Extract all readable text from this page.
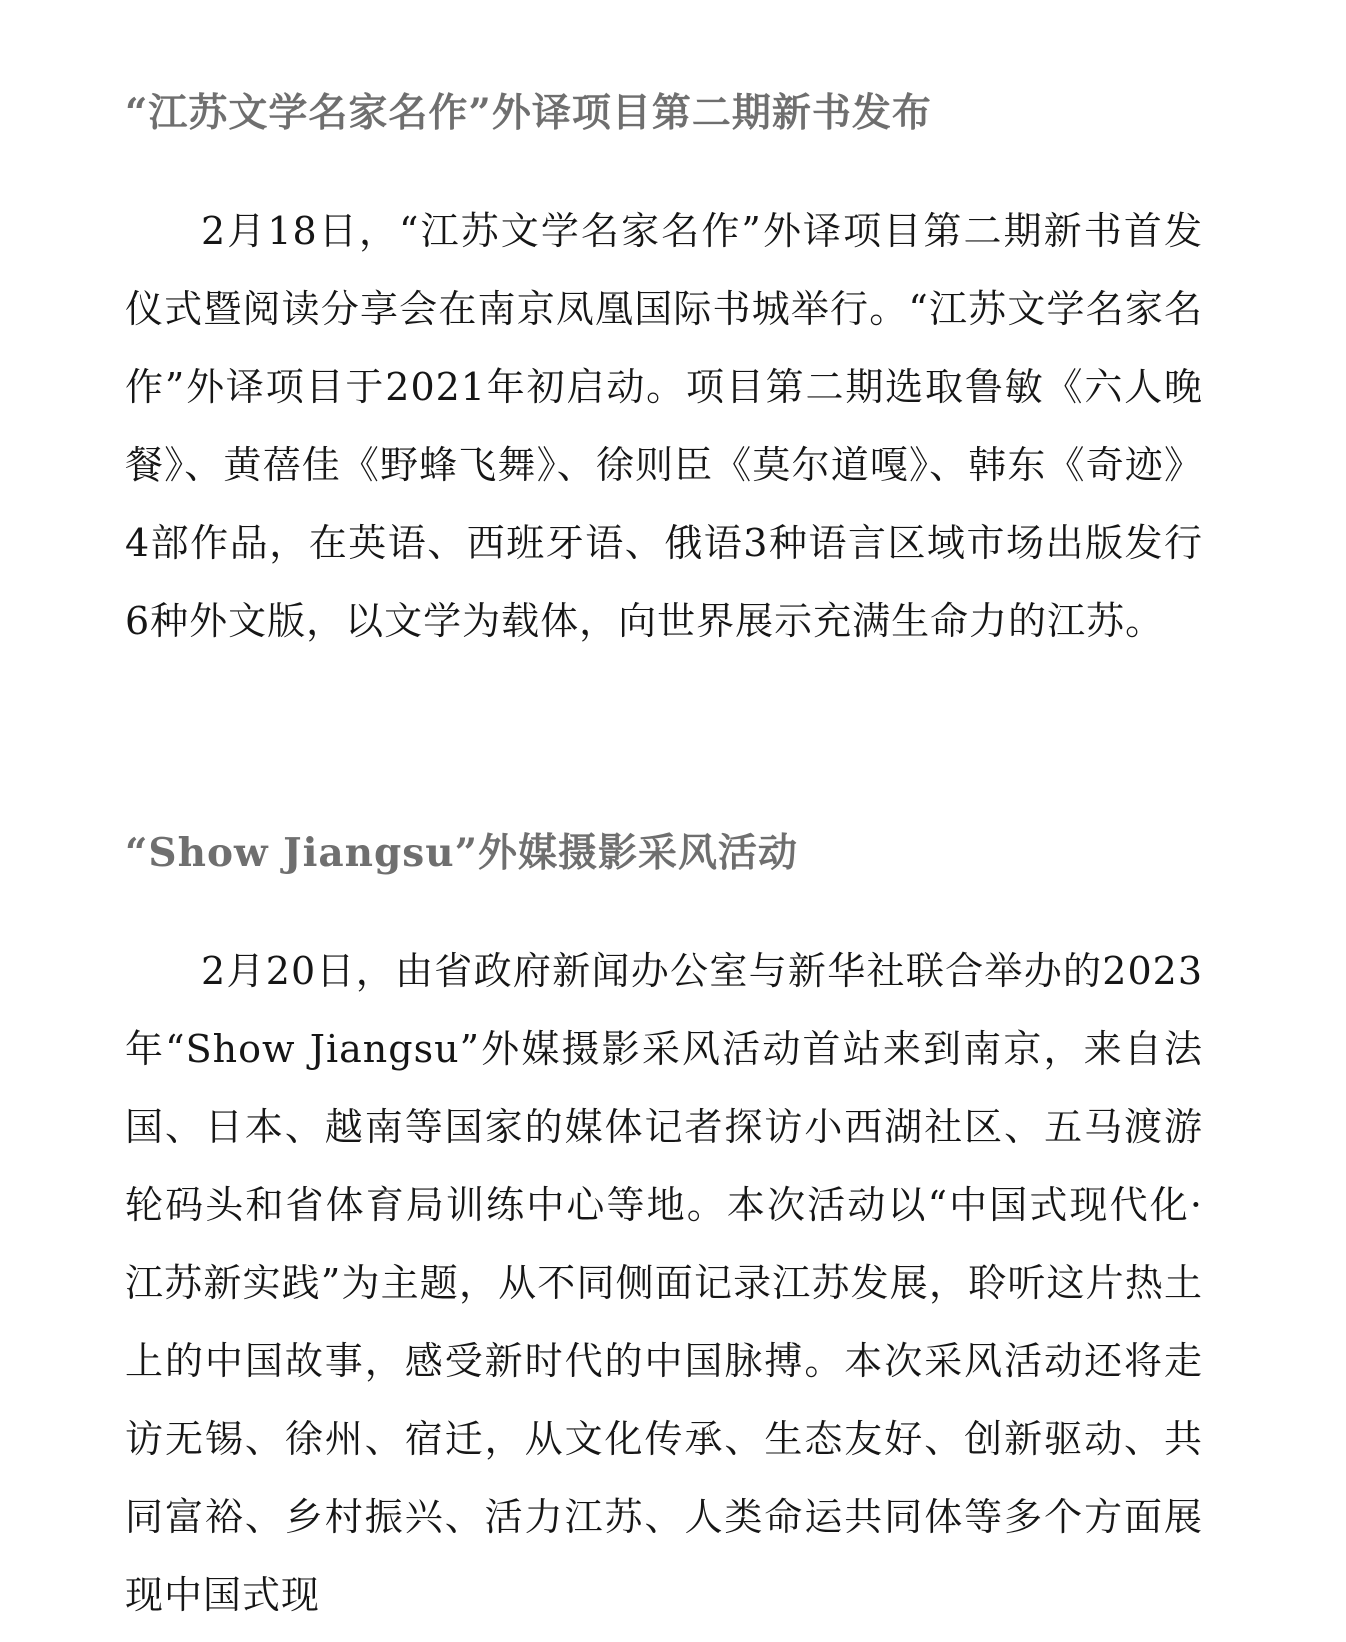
“江苏文学名家名作”外译项目第二期新书发布

2月18日，“江苏文学名家名作”外译项目第二期新书首发仪式暨阅读分享会在南京凤凰国际书城举行。“江苏文学名家名作”外译项目于2021年初启动。项目第二期选取鲁敏《六人晚餐》、黄蓓佳《野蜂飞舞》、徐则臣《莫尔道嘎》、韩东《奇迹》4部作品，在英语、西班牙语、俄语3种语言区域市场出版发行6种外文版，以文学为载体，向世界展示充满生命力的江苏。

“Show Jiangsu”外媒摄影采风活动

2月20日，由省政府新闻办公室与新华社联合举办的2023年“Show Jiangsu”外媒摄影采风活动首站来到南京，来自法国、日本、越南等国家的媒体记者探访小西湖社区、五马渡游轮码头和省体育局训练中心等地。本次活动以“中国式现代化·江苏新实践”为主题，从不同侧面记录江苏发展，聆听这片热土上的中国故事，感受新时代的中国脉搏。本次采风活动还将走访无锡、徐州、宿迁，从文化传承、生态友好、创新驱动、共同富裕、乡村振兴、活力江苏、人类命运共同体等多个方面展现中国式现
